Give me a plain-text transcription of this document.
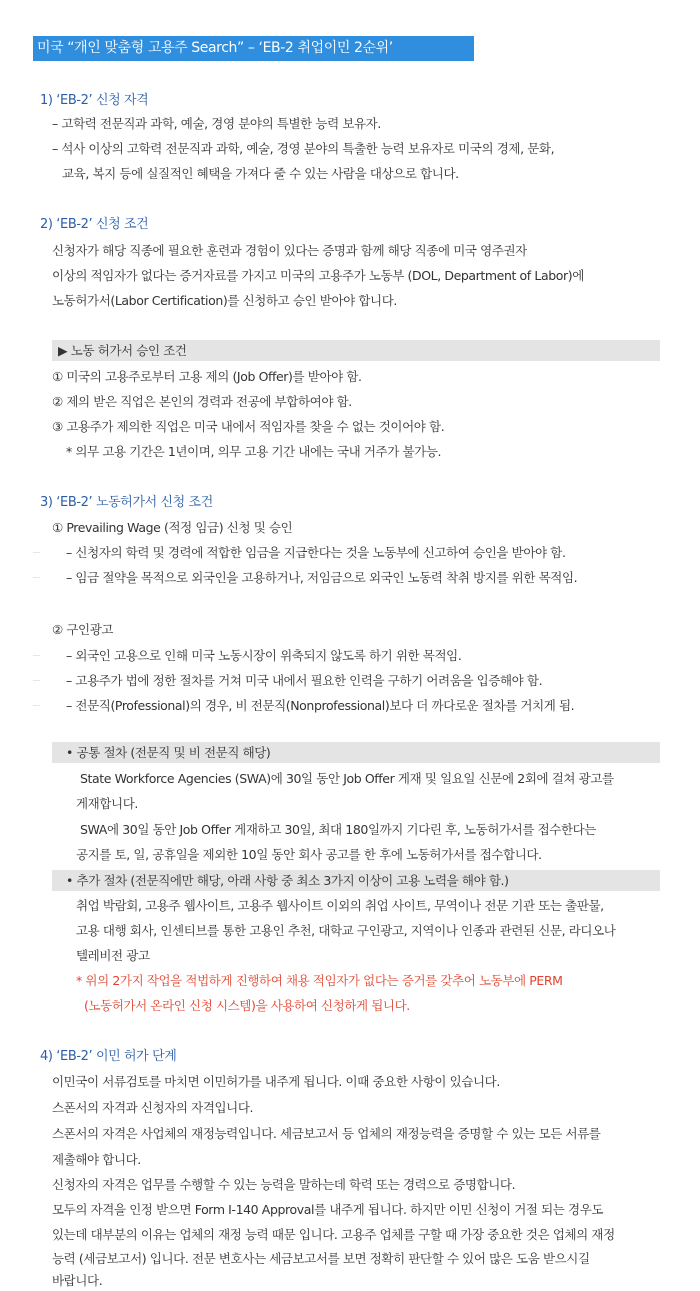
미국 “개인 맞춤형 고용주 Search” – ‘EB-2 취업이민 2순위’
1) ‘EB-2’ 신청 자격
– 고학력 전문직과 과학, 예술, 경영 분야의 특별한 능력 보유자.
– 석사 이상의 고학력 전문직과 과학, 예술, 경영 분야의 특출한 능력 보유자로 미국의 경제, 문화,
교육, 복지 등에 실질적인 혜택을 가져다 줄 수 있는 사람을 대상으로 합니다.
2) ‘EB-2’ 신청 조건
신청자가 해당 직종에 필요한 훈련과 경험이 있다는 증명과 함께 해당 직종에 미국 영주권자
이상의 적임자가 없다는 증거자료를 가지고 미국의 고용주가 노동부 (DOL, Department of Labor)에
노동허가서(Labor Certification)를 신청하고 승인 받아야 합니다.
▶ 노동 허가서 승인 조건
① 미국의 고용주로부터 고용 제의 (Job Offer)를 받아야 함.
② 제의 받은 직업은 본인의 경력과 전공에 부합하여야 함.
③ 고용주가 제의한 직업은 미국 내에서 적임자를 찾을 수 없는 것이어야 함.
* 의무 고용 기간은 1년이며, 의무 고용 기간 내에는 국내 거주가 불가능.
3) ‘EB-2’ 노동허가서 신청 조건
① Prevailing Wage (적정 임금) 신청 및 승인
– 신청자의 학력 및 경력에 적합한 임금을 지급한다는 것을 노동부에 신고하여 승인을 받아야 함.
– 임금 절약을 목적으로 외국인을 고용하거나, 저임금으로 외국인 노동력 착취 방지를 위한 목적임.
② 구인광고
– 외국인 고용으로 인해 미국 노동시장이 위축되지 않도록 하기 위한 목적임.
– 고용주가 법에 정한 절차를 거쳐 미국 내에서 필요한 인력을 구하기 어려움을 입증해야 함.
– 전문직(Professional)의 경우, 비 전문직(Nonprofessional)보다 더 까다로운 절차를 거치게 됨.
• 공통 절차 (전문직 및 비 전문직 해당)
State Workforce Agencies (SWA)에 30일 동안 Job Offer 게재 및 일요일 신문에 2회에 걸쳐 광고를
게재합니다.
SWA에 30일 동안 Job Offer 게재하고 30일, 최대 180일까지 기다린 후, 노동허가서를 접수한다는
공지를 토, 일, 공휴일을 제외한 10일 동안 회사 공고를 한 후에 노동허가서를 접수합니다.
• 추가 절차 (전문직에만 해당, 아래 사항 중 최소 3가지 이상이 고용 노력을 해야 함.)
취업 박람회, 고용주 웹사이트, 고용주 웹사이트 이외의 취업 사이트, 무역이나 전문 기관 또는 출판물,
고용 대행 회사, 인센티브를 통한 고용인 추천, 대학교 구인광고, 지역이나 인종과 관련된 신문, 라디오나
텔레비전 광고
* 위의 2가지 작업을 적법하게 진행하여 채용 적임자가 없다는 증거를 갖추어 노동부에 PERM
(노동허가서 온라인 신청 시스템)을 사용하여 신청하게 됩니다.
4) ‘EB-2’ 이민 허가 단계
이민국이 서류검토를 마치면 이민허가를 내주게 됩니다. 이때 중요한 사항이 있습니다.
스폰서의 자격과 신청자의 자격입니다.
스폰서의 자격은 사업체의 재정능력입니다. 세금보고서 등 업체의 재정능력을 증명할 수 있는 모든 서류를
제출해야 합니다.
신청자의 자격은 업무를 수행할 수 있는 능력을 말하는데 학력 또는 경력으로 증명합니다.
모두의 자격을 인정 받으면 Form I-140 Approval를 내주게 됩니다. 하지만 이민 신청이 거절 되는 경우도
있는데 대부분의 이유는 업체의 재정 능력 때문 입니다. 고용주 업체를 구할 때 가장 중요한 것은 업체의 재정
능력 (세금보고서) 입니다. 전문 변호사는 세금보고서를 보면 정확히 판단할 수 있어 많은 도움 받으시길
바랍니다.
